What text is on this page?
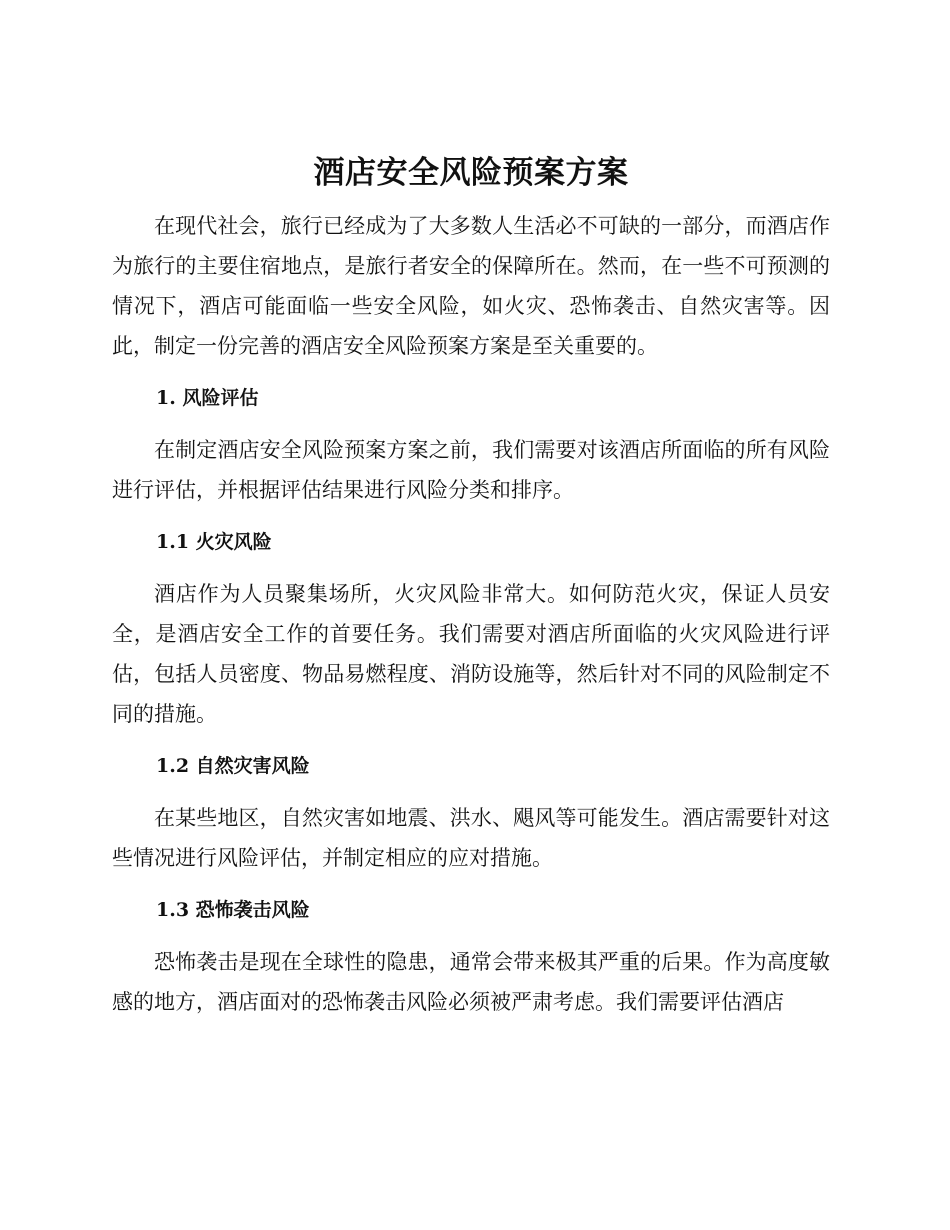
酒店安全风险预案方案

在现代社会，旅行已经成为了大多数人生活必不可缺的一部分，而酒店作为旅行的主要住宿地点，是旅行者安全的保障所在。然而，在一些不可预测的情况下，酒店可能面临一些安全风险，如火灾、恐怖袭击、自然灾害等。因此，制定一份完善的酒店安全风险预案方案是至关重要的。

1. 风险评估

在制定酒店安全风险预案方案之前，我们需要对该酒店所面临的所有风险进行评估，并根据评估结果进行风险分类和排序。

1.1 火灾风险

酒店作为人员聚集场所，火灾风险非常大。如何防范火灾，保证人员安全，是酒店安全工作的首要任务。我们需要对酒店所面临的火灾风险进行评估，包括人员密度、物品易燃程度、消防设施等，然后针对不同的风险制定不同的措施。

1.2 自然灾害风险

在某些地区，自然灾害如地震、洪水、飓风等可能发生。酒店需要针对这些情况进行风险评估，并制定相应的应对措施。

1.3 恐怖袭击风险

恐怖袭击是现在全球性的隐患，通常会带来极其严重的后果。作为高度敏感的地方，酒店面对的恐怖袭击风险必须被严肃考虑。我们需要评估酒店
